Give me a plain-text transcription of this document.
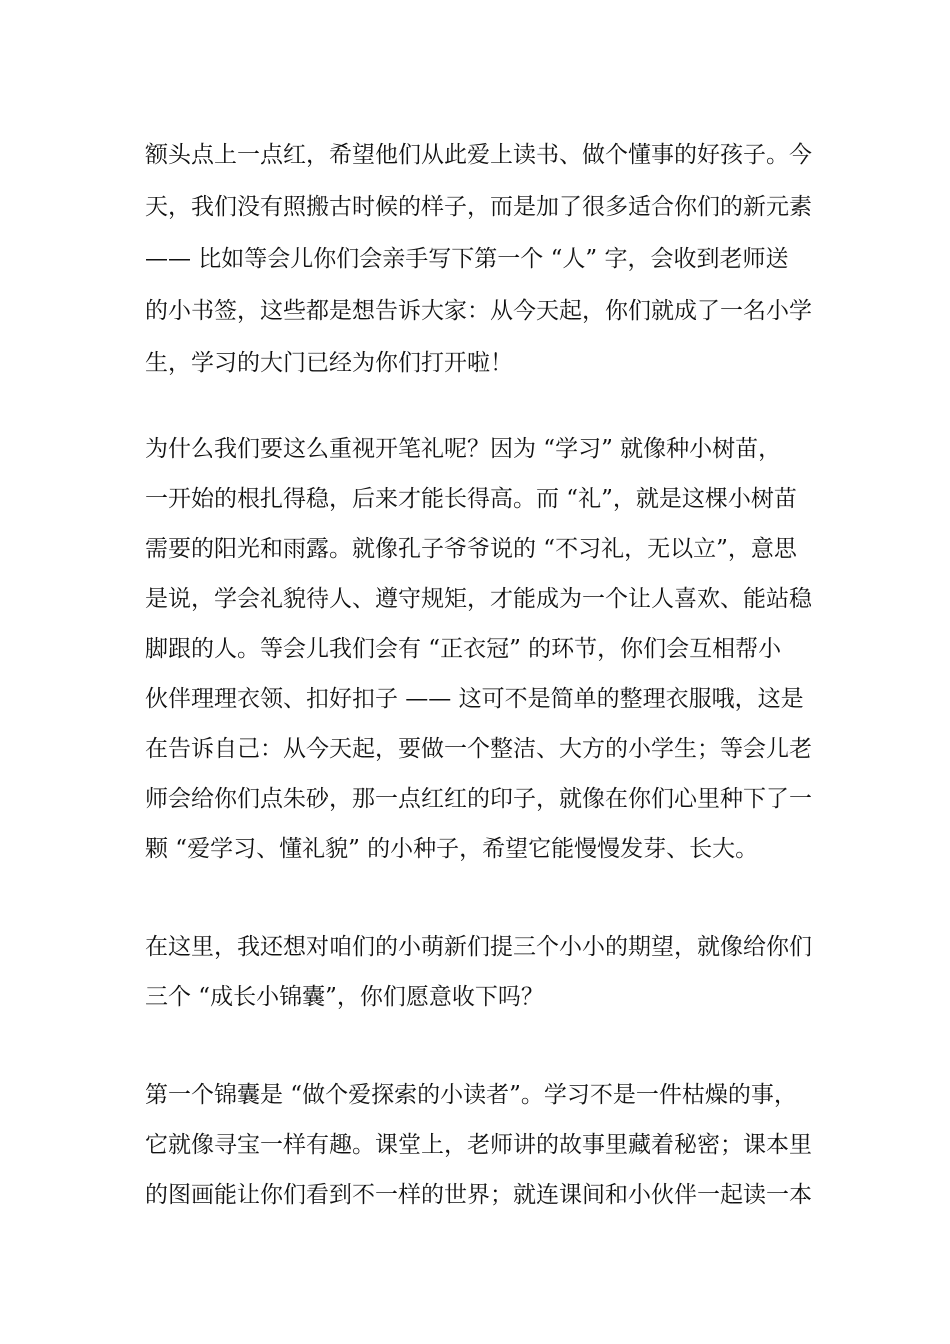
额头点上一点红，希望他们从此爱上读书、做个懂事的好孩子。今
天，我们没有照搬古时候的样子，而是加了很多适合你们的新元素
—— 比如等会儿你们会亲手写下第一个 “人” 字，会收到老师送
的小书签，这些都是想告诉大家：从今天起，你们就成了一名小学
生，学习的大门已经为你们打开啦！
为什么我们要这么重视开笔礼呢？因为 “学习” 就像种小树苗，
一开始的根扎得稳，后来才能长得高。而 “礼”，就是这棵小树苗
需要的阳光和雨露。就像孔子爷爷说的 “不习礼，无以立”，意思
是说，学会礼貌待人、遵守规矩，才能成为一个让人喜欢、能站稳
脚跟的人。等会儿我们会有 “正衣冠” 的环节，你们会互相帮小
伙伴理理衣领、扣好扣子 —— 这可不是简单的整理衣服哦，这是
在告诉自己：从今天起，要做一个整洁、大方的小学生；等会儿老
师会给你们点朱砂，那一点红红的印子，就像在你们心里种下了一
颗 “爱学习、懂礼貌” 的小种子，希望它能慢慢发芽、长大。
在这里，我还想对咱们的小萌新们提三个小小的期望，就像给你们
三个 “成长小锦囊”，你们愿意收下吗？
第一个锦囊是 “做个爱探索的小读者”。学习不是一件枯燥的事，
它就像寻宝一样有趣。课堂上，老师讲的故事里藏着秘密；课本里
的图画能让你们看到不一样的世界；就连课间和小伙伴一起读一本
